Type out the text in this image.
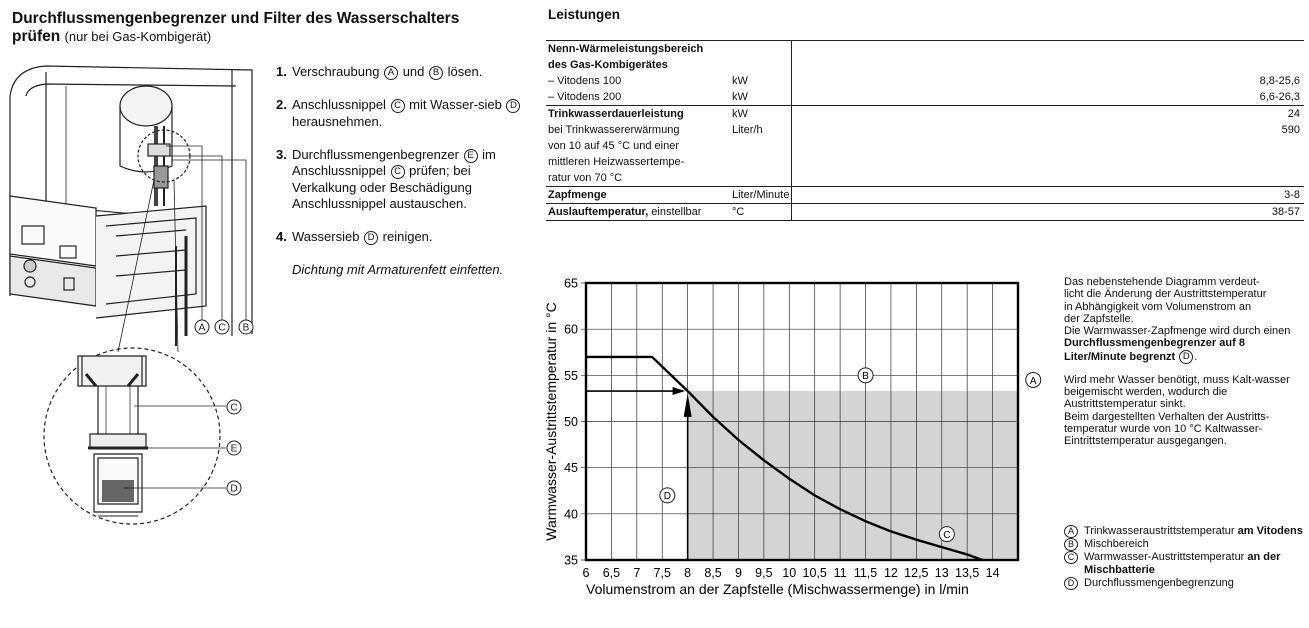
Durchflussmengenbegrenzer und Filter des Wasserschalters
prüfen (nur bei Gas-Kombigerät)
A C B
C
E
D
1. Verschraubung A und B lösen.
2. Anschlussnippel C mit Wasser-sieb D herausnehmen.
3. Durchflussmengenbegrenzer E im Anschlussnippel C prüfen; bei Verkalkung oder Beschädigung Anschlussnippel austauschen.
4. Wassersieb D reinigen.
Dichtung mit Armaturenfett einfetten.
Leistungen
Nenn-Wärmeleistungsbereich		
des Gas-Kombigerätes		
– Vitodens 100	kW	8,8-25,6
– Vitodens 200	kW	6,6-26,3
Trinkwasserdauerleistung	kW	24
bei Trinkwassererwärmung	Liter/h	590
von 10 auf 45 °C und einer		
mittleren Heizwassertempe-		
ratur von 70 °C		
Zapfmenge	Liter/Minute	3-8
Auslauftemperatur, einstellbar	°C	38-57
6 6,5 7 7,5 8 8,5 9 9,5 10 10,5 11 11,5 12 12,5 13 13,5 14
35
40
45
50
55
60
65
B	A
D
C
Volumenstrom an der Zapfstelle (Mischwassermenge) in l/min
Warmwasser-Austrittstemperatur in °C

Das nebenstehende Diagramm verdeut-
licht die Änderung der Austrittstemperatur
in Abhängigkeit vom Volumenstrom an
der Zapfstelle.
Die Warmwasser-Zapfmenge wird durch einen Durchflussmengenbegrenzer auf 8 Liter/Minute begrenzt D .

Wird mehr Wasser benötigt, muss Kalt-wasser beigemischt werden, wodurch die Austrittstemperatur sinkt.
Beim dargestellten Verhalten der Austritts-temperatur wurde von 10 °C Kaltwasser-Eintrittstemperatur ausgegangen.

A Trinkwasseraustrittstemperatur am Vitodens
B Mischbereich
C Warmwasser-Austrittstemperatur an der Mischbatterie
D Durchflussmengenbegrenzung
